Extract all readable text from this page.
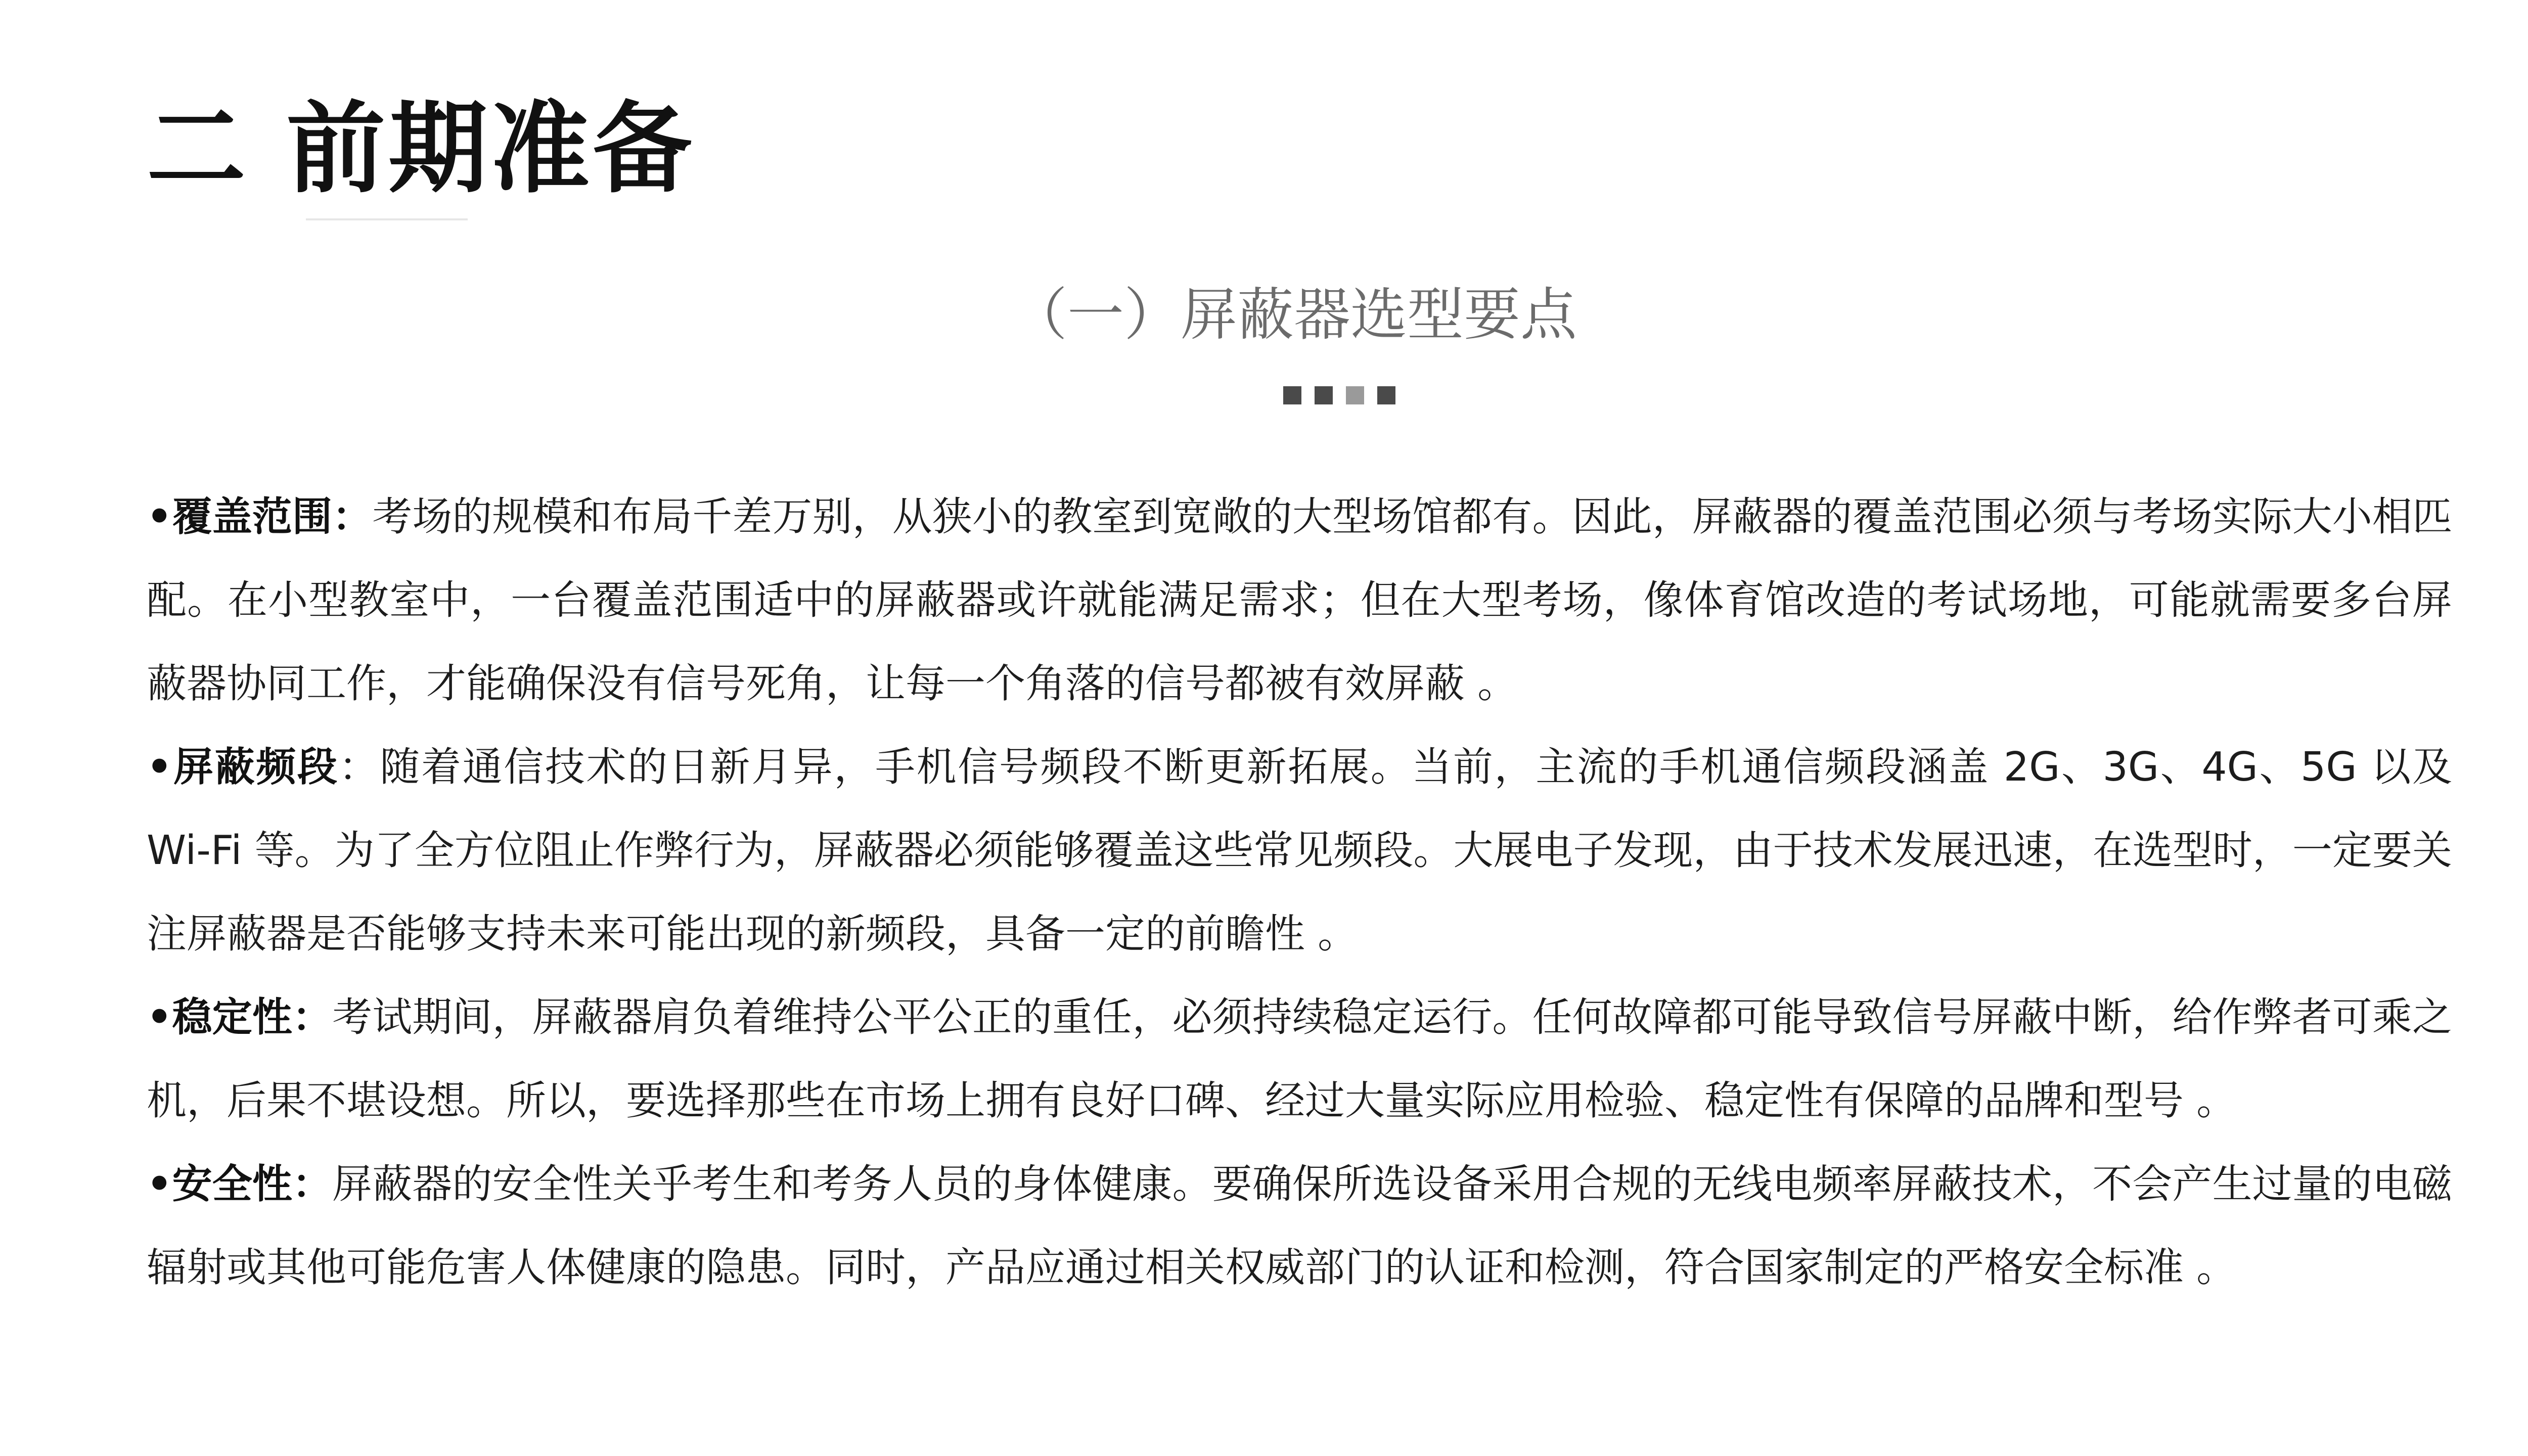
二 前期准备
（一）屏蔽器选型要点

•覆盖范围：考场的规模和布局千差万别，从狭小的教室到宽敞的大型场馆都有。因此，屏蔽器的覆盖范围必须与考场实际大小相匹配。在小型教室中，一台覆盖范围适中的屏蔽器或许就能满足需求；但在大型考场，像体育馆改造的考试场地，可能就需要多台屏蔽器协同工作，才能确保没有信号死角，让每一个角落的信号都被有效屏蔽 。

•屏蔽频段：随着通信技术的日新月异，手机信号频段不断更新拓展。当前，主流的手机通信频段涵盖 2G、3G、4G、5G 以及 Wi-Fi 等。为了全方位阻止作弊行为，屏蔽器必须能够覆盖这些常见频段。大展电子发现，由于技术发展迅速，在选型时，一定要关注屏蔽器是否能够支持未来可能出现的新频段，具备一定的前瞻性 。

•稳定性：考试期间，屏蔽器肩负着维持公平公正的重任，必须持续稳定运行。任何故障都可能导致信号屏蔽中断，给作弊者可乘之机，后果不堪设想。所以，要选择那些在市场上拥有良好口碑、经过大量实际应用检验、稳定性有保障的品牌和型号 。

•安全性：屏蔽器的安全性关乎考生和考务人员的身体健康。要确保所选设备采用合规的无线电频率屏蔽技术，不会产生过量的电磁辐射或其他可能危害人体健康的隐患。同时，产品应通过相关权威部门的认证和检测，符合国家制定的严格安全标准 。
